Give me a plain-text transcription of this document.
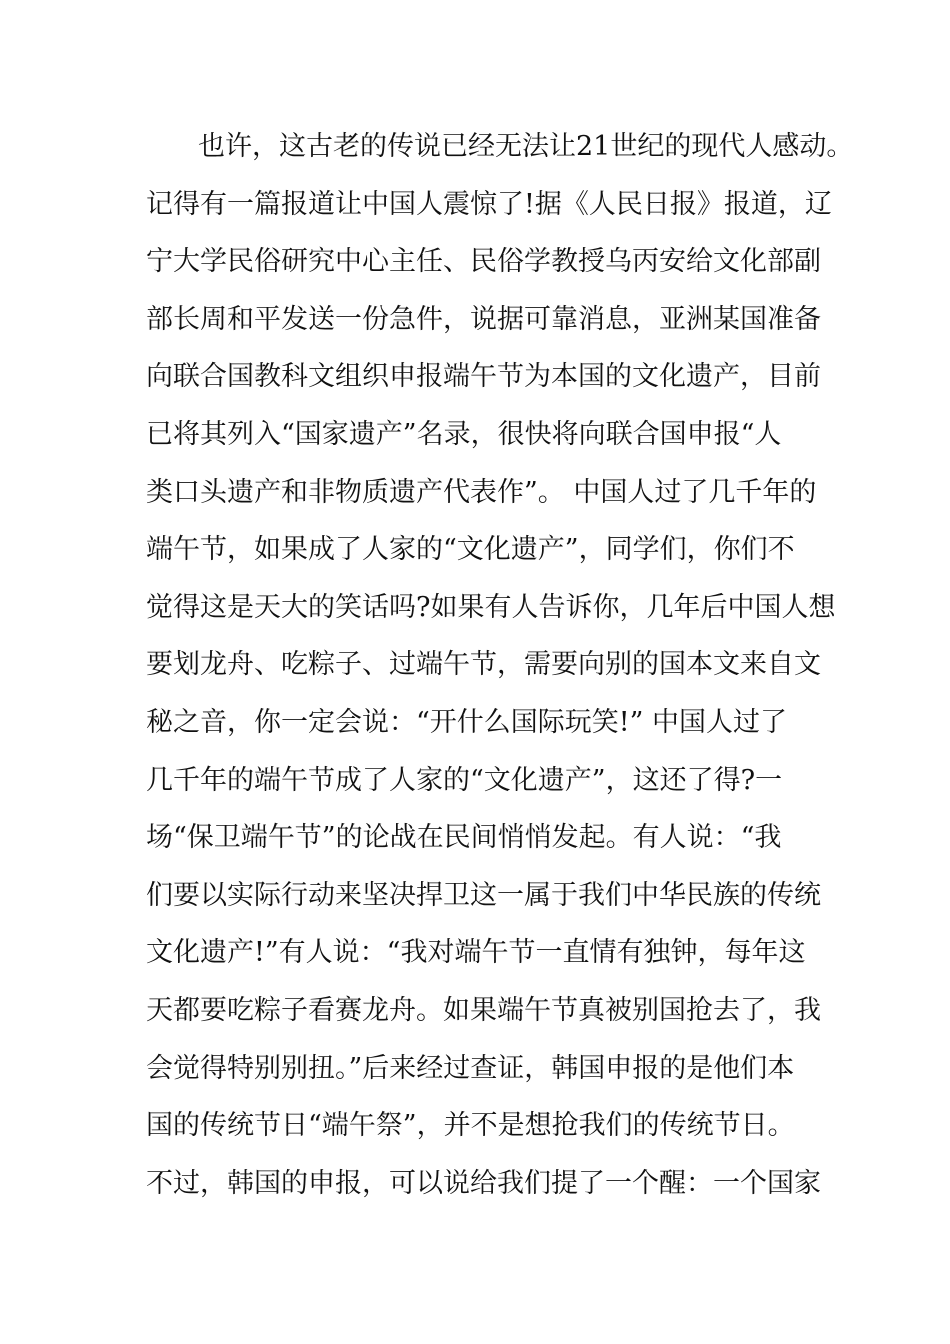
也许，这古老的传说已经无法让21世纪的现代人感动。
记得有一篇报道让中国人震惊了!据《人民日报》报道，辽
宁大学民俗研究中心主任、民俗学教授乌丙安给文化部副
部长周和平发送一份急件，说据可靠消息，亚洲某国准备
向联合国教科文组织申报端午节为本国的文化遗产，目前
已将其列入“国家遗产”名录，很快将向联合国申报“人
类口头遗产和非物质遗产代表作”。 中国人过了几千年的
端午节，如果成了人家的“文化遗产”，同学们，你们不
觉得这是天大的笑话吗?如果有人告诉你，几年后中国人想
要划龙舟、吃粽子、过端午节，需要向别的国本文来自文
秘之音，你一定会说：“开什么国际玩笑!” 中国人过了
几千年的端午节成了人家的“文化遗产”，这还了得?一
场“保卫端午节”的论战在民间悄悄发起。有人说：“我
们要以实际行动来坚决捍卫这一属于我们中华民族的传统
文化遗产!”有人说：“我对端午节一直情有独钟，每年这
天都要吃粽子看赛龙舟。如果端午节真被别国抢去了，我
会觉得特别别扭。”后来经过查证，韩国申报的是他们本
国的传统节日“端午祭”，并不是想抢我们的传统节日。
不过，韩国的申报，可以说给我们提了一个醒：一个国家
